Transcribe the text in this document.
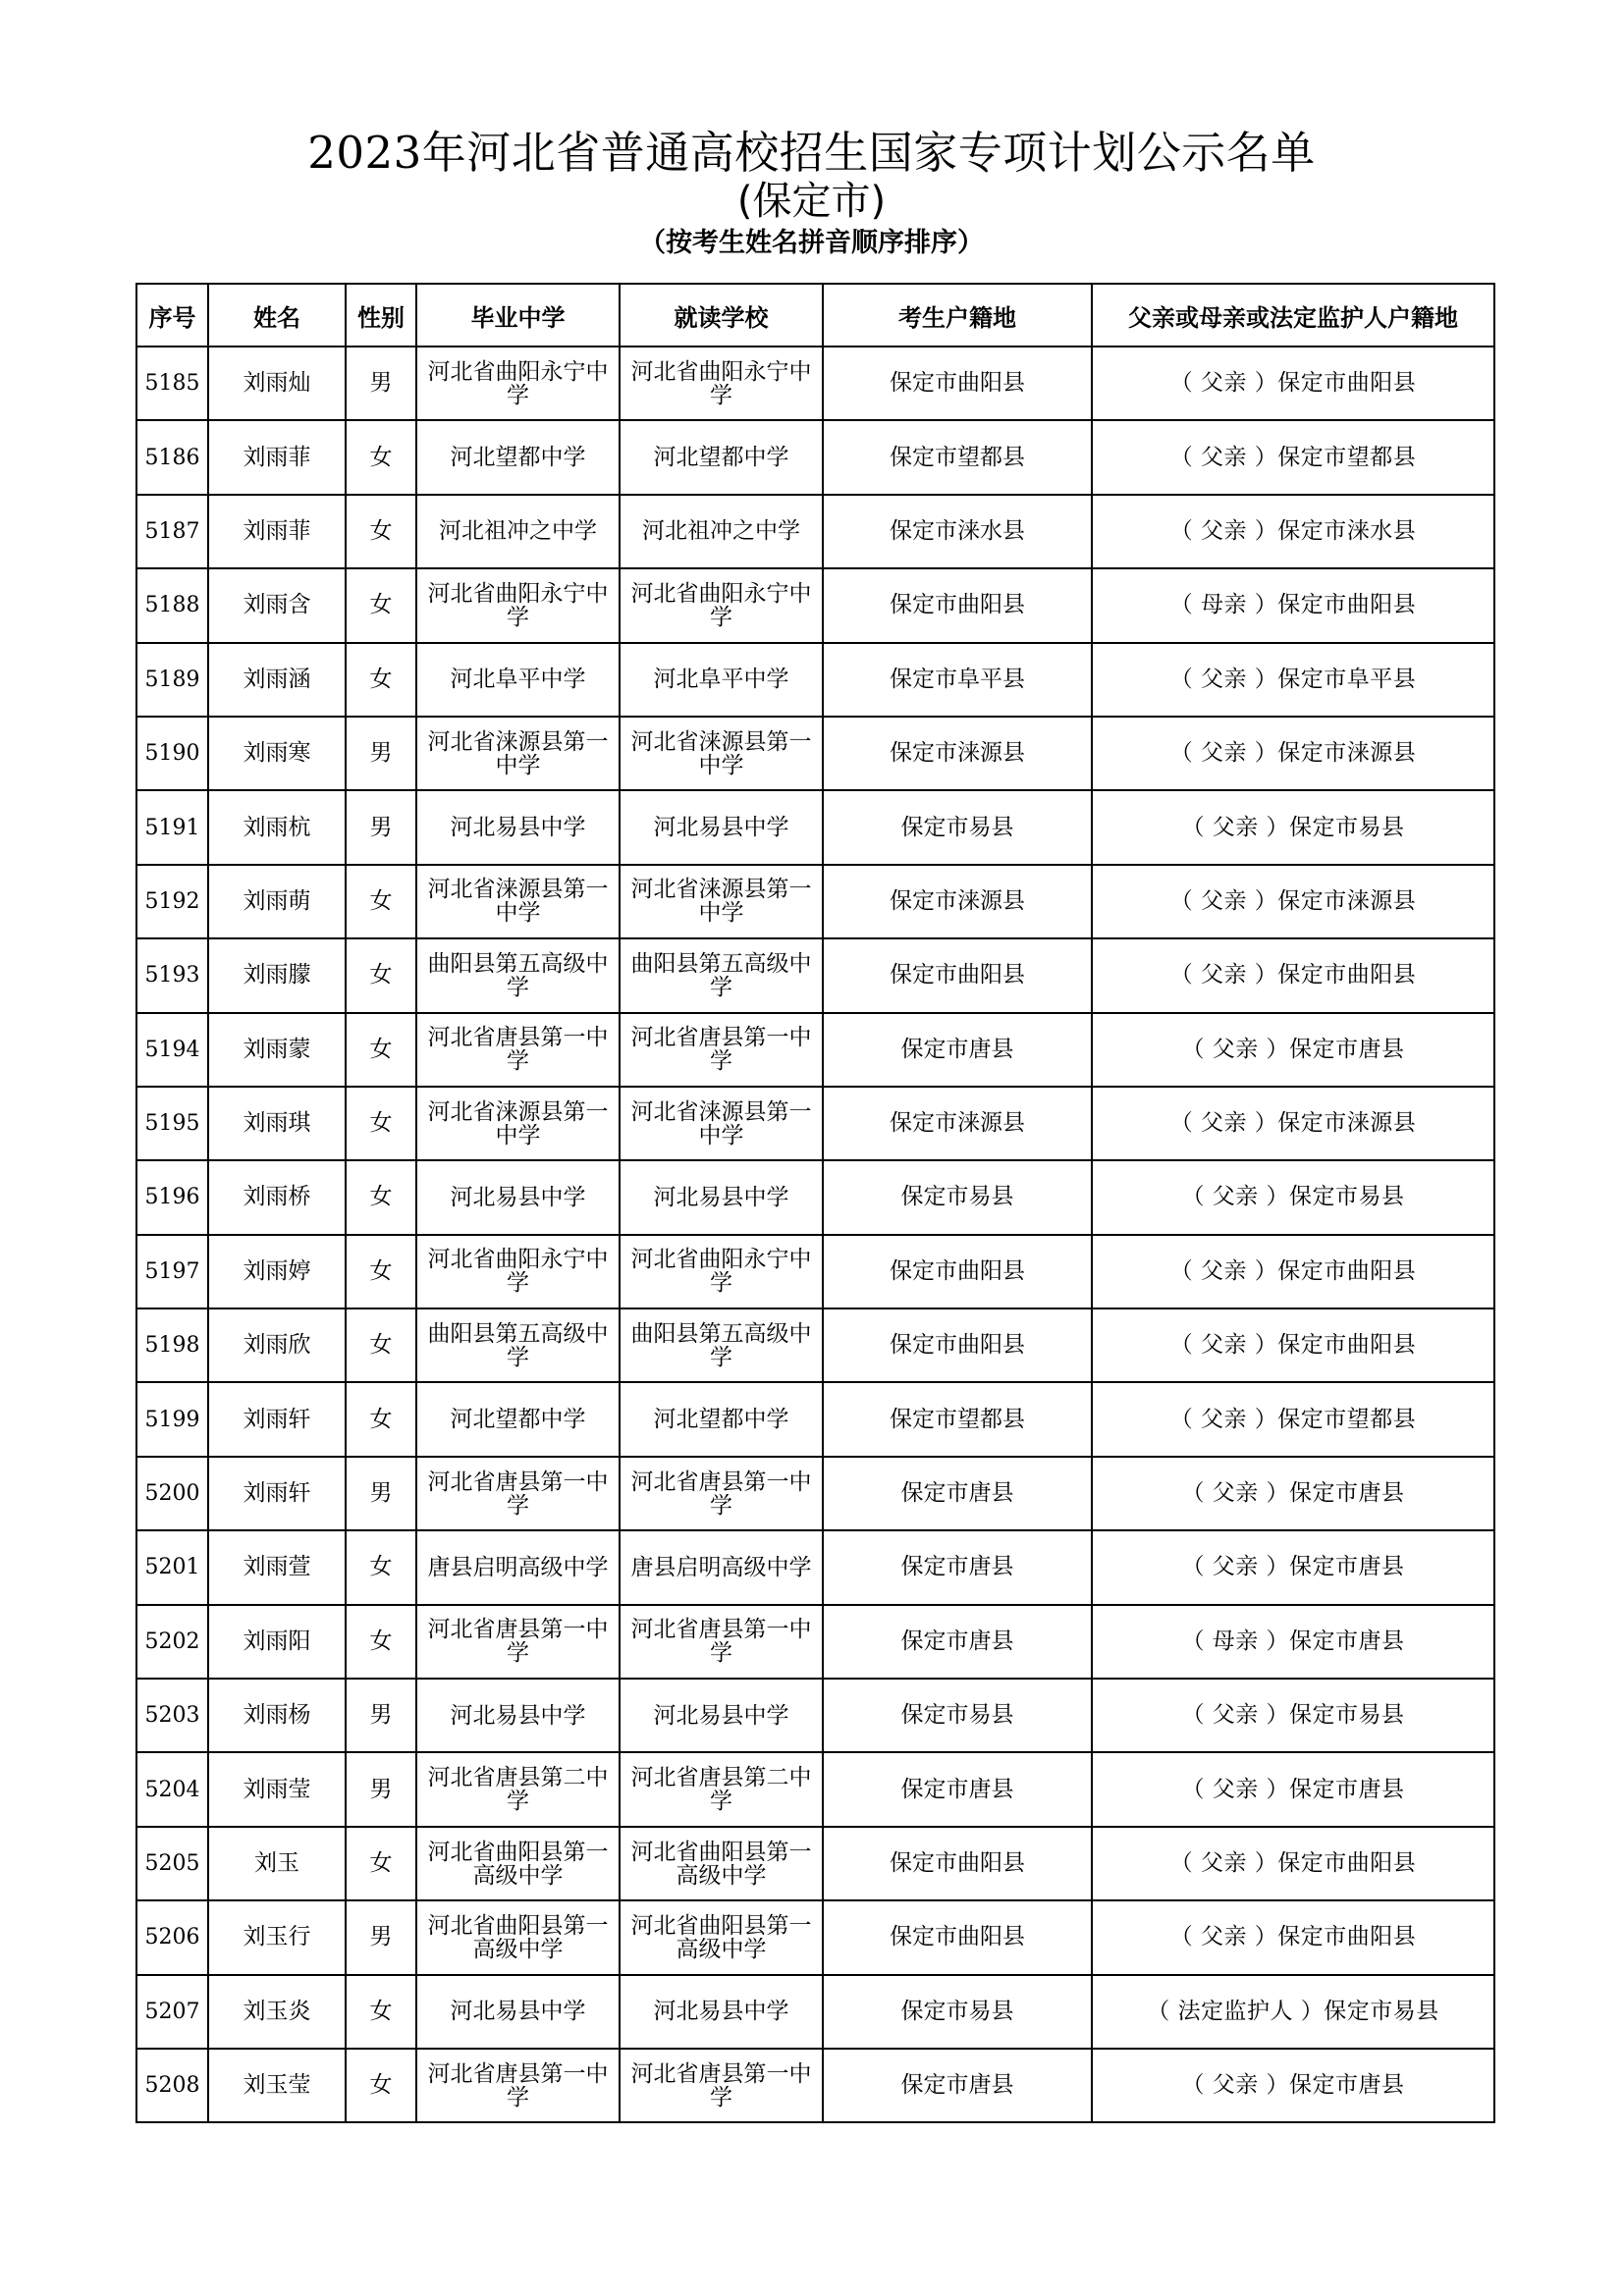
2023年河北省普通高校招生国家专项计划公示名单
(保定市)
（按考生姓名拼音顺序排序）
序号	姓名	性别	毕业中学	就读学校	考生户籍地	父亲或母亲或法定监护人户籍地
5185	刘雨灿	男	河北省曲阳永宁中学	河北省曲阳永宁中学	保定市曲阳县	（ 父亲 ）保定市曲阳县
5186	刘雨菲	女	河北望都中学	河北望都中学	保定市望都县	（ 父亲 ）保定市望都县
5187	刘雨菲	女	河北祖冲之中学	河北祖冲之中学	保定市涞水县	（ 父亲 ）保定市涞水县
5188	刘雨含	女	河北省曲阳永宁中学	河北省曲阳永宁中学	保定市曲阳县	（ 母亲 ）保定市曲阳县
5189	刘雨涵	女	河北阜平中学	河北阜平中学	保定市阜平县	（ 父亲 ）保定市阜平县
5190	刘雨寒	男	河北省涞源县第一中学	河北省涞源县第一中学	保定市涞源县	（ 父亲 ）保定市涞源县
5191	刘雨杭	男	河北易县中学	河北易县中学	保定市易县	（ 父亲 ）保定市易县
5192	刘雨萌	女	河北省涞源县第一中学	河北省涞源县第一中学	保定市涞源县	（ 父亲 ）保定市涞源县
5193	刘雨朦	女	曲阳县第五高级中学	曲阳县第五高级中学	保定市曲阳县	（ 父亲 ）保定市曲阳县
5194	刘雨蒙	女	河北省唐县第一中学	河北省唐县第一中学	保定市唐县	（ 父亲 ）保定市唐县
5195	刘雨琪	女	河北省涞源县第一中学	河北省涞源县第一中学	保定市涞源县	（ 父亲 ）保定市涞源县
5196	刘雨桥	女	河北易县中学	河北易县中学	保定市易县	（ 父亲 ）保定市易县
5197	刘雨婷	女	河北省曲阳永宁中学	河北省曲阳永宁中学	保定市曲阳县	（ 父亲 ）保定市曲阳县
5198	刘雨欣	女	曲阳县第五高级中学	曲阳县第五高级中学	保定市曲阳县	（ 父亲 ）保定市曲阳县
5199	刘雨轩	女	河北望都中学	河北望都中学	保定市望都县	（ 父亲 ）保定市望都县
5200	刘雨轩	男	河北省唐县第一中学	河北省唐县第一中学	保定市唐县	（ 父亲 ）保定市唐县
5201	刘雨萱	女	唐县启明高级中学	唐县启明高级中学	保定市唐县	（ 父亲 ）保定市唐县
5202	刘雨阳	女	河北省唐县第一中学	河北省唐县第一中学	保定市唐县	（ 母亲 ）保定市唐县
5203	刘雨杨	男	河北易县中学	河北易县中学	保定市易县	（ 父亲 ）保定市易县
5204	刘雨莹	男	河北省唐县第二中学	河北省唐县第二中学	保定市唐县	（ 父亲 ）保定市唐县
5205	刘玉	女	河北省曲阳县第一高级中学	河北省曲阳县第一高级中学	保定市曲阳县	（ 父亲 ）保定市曲阳县
5206	刘玉行	男	河北省曲阳县第一高级中学	河北省曲阳县第一高级中学	保定市曲阳县	（ 父亲 ）保定市曲阳县
5207	刘玉炎	女	河北易县中学	河北易县中学	保定市易县	（ 法定监护人 ）保定市易县
5208	刘玉莹	女	河北省唐县第一中学	河北省唐县第一中学	保定市唐县	（ 父亲 ）保定市唐县
